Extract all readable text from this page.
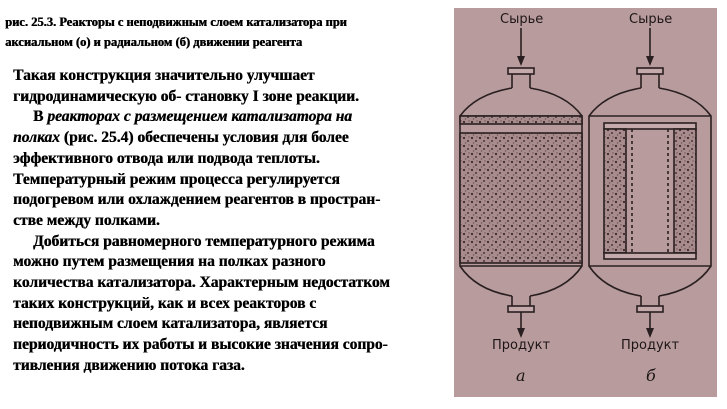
рис. 25.3. Реакторы с неподвижным слоем катализатора при
аксиальном (о) и радиальном (б) движении реагента
Такая конструкция значительно улучшает
гидродинамическую об- становку I зоне реакции.
В реакторах с размещением катализатора на
полках (рис. 25.4) обеспечены условия для более
эффективного отвода или подвода теплоты.
Температурный режим процесса регулируется
подогревом или охлаждением реагентов в простран-
стве между полками.
Добиться равномерного температурного режима
можно путем размещения на полках разного
количества катализатора. Характерным недостатком
таких конструкций, как и всех реакторов с
неподвижным слоем катализатора, является
периодичность их работы и высокие значения сопро-
тивления движению потока газа.
Сырье	Сырье
Продукт	Продукт
а	б
